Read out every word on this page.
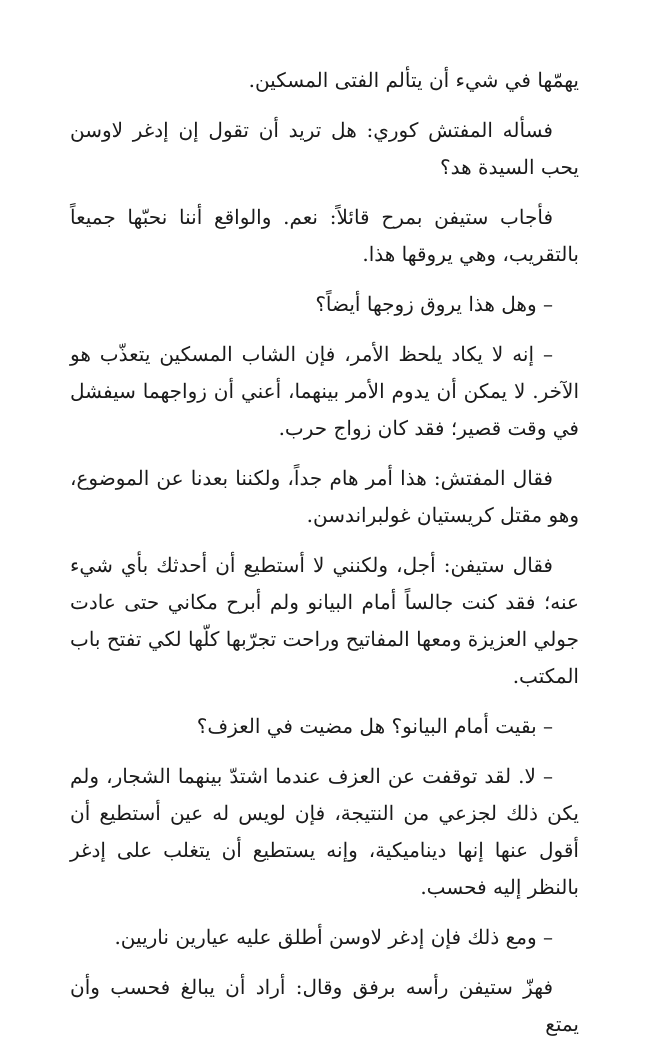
يهمّها في شيء أن يتألم الفتى المسكين.

فسأله المفتش كوري: هل تريد أن تقول إن إدغر لاوسن يحب السيدة هد؟

فأجاب ستيفن بمرح قائلاً: نعم. والواقع أننا نحبّها جميعاً بالتقريب، وهي يروقها هذا.

– وهل هذا يروق زوجها أيضاً؟

– إنه لا يكاد يلحظ الأمر، فإن الشاب المسكين يتعذّب هو الآخر. لا يمكن أن يدوم الأمر بينهما، أعني أن زواجهما سيفشل في وقت قصير؛ فقد كان زواج حرب.

فقال المفتش: هذا أمر هام جداً، ولكننا بعدنا عن الموضوع، وهو مقتل كريستيان غولبراندسن.

فقال ستيفن: أجل، ولكنني لا أستطيع أن أحدثك بأي شيء عنه؛ فقد كنت جالساً أمام البيانو ولم أبرح مكاني حتى عادت جولي العزيزة ومعها المفاتيح وراحت تجرّبها كلّها لكي تفتح باب المكتب.

– بقيت أمام البيانو؟ هل مضيت في العزف؟

– لا. لقد توقفت عن العزف عندما اشتدّ بينهما الشجار، ولم يكن ذلك لجزعي من النتيجة، فإن لويس له عين أستطيع أن أقول عنها إنها ديناميكية، وإنه يستطيع أن يتغلب على إدغر بالنظر إليه فحسب.

– ومع ذلك فإن إدغر لاوسن أطلق عليه عيارين ناريين.

فهزّ ستيفن رأسه برفق وقال: أراد أن يبالغ فحسب وأن يمتع
